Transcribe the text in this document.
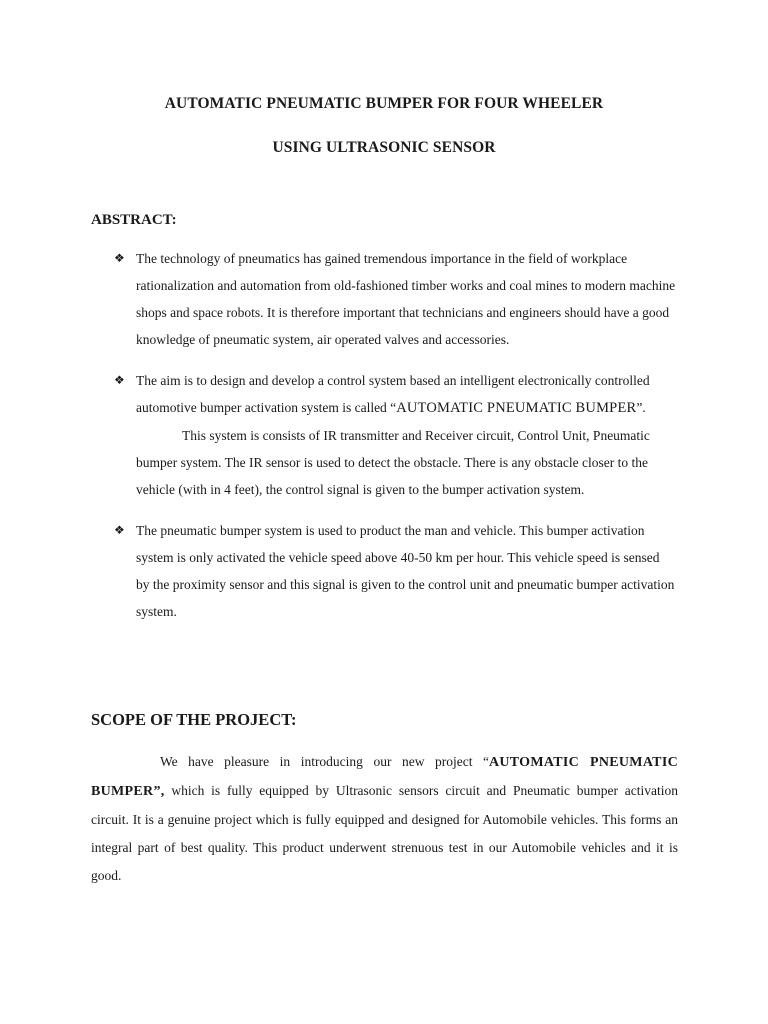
AUTOMATIC PNEUMATIC BUMPER FOR FOUR WHEELER
USING ULTRASONIC SENSOR
ABSTRACT:
❖ The technology of pneumatics has gained tremendous importance in the field of workplace rationalization and automation from old-fashioned timber works and coal mines to modern machine shops and space robots. It is therefore important that technicians and engineers should have a good knowledge of pneumatic system, air operated valves and accessories.
❖ The aim is to design and develop a control system based an intelligent electronically controlled automotive bumper activation system is called “AUTOMATIC PNEUMATIC BUMPER”.This system is consists of IR transmitter and Receiver circuit, Control Unit, Pneumatic bumper system. The IR sensor is used to detect the obstacle. There is any obstacle closer to the vehicle (with in 4 feet), the control signal is given to the bumper activation system.
❖ The pneumatic bumper system is used to product the man and vehicle. This bumper activation system is only activated the vehicle speed above 40-50 km per hour. This vehicle speed is sensed by the proximity sensor and this signal is given to the control unit and pneumatic bumper activation system.
SCOPE OF THE PROJECT:
We have pleasure in introducing our new project “AUTOMATIC PNEUMATIC BUMPER”, which is fully equipped by Ultrasonic sensors circuit and Pneumatic bumper activation circuit. It is a genuine project which is fully equipped and designed for Automobile vehicles. This forms an integral part of best quality. This product underwent strenuous test in our Automobile vehicles and it is good.
